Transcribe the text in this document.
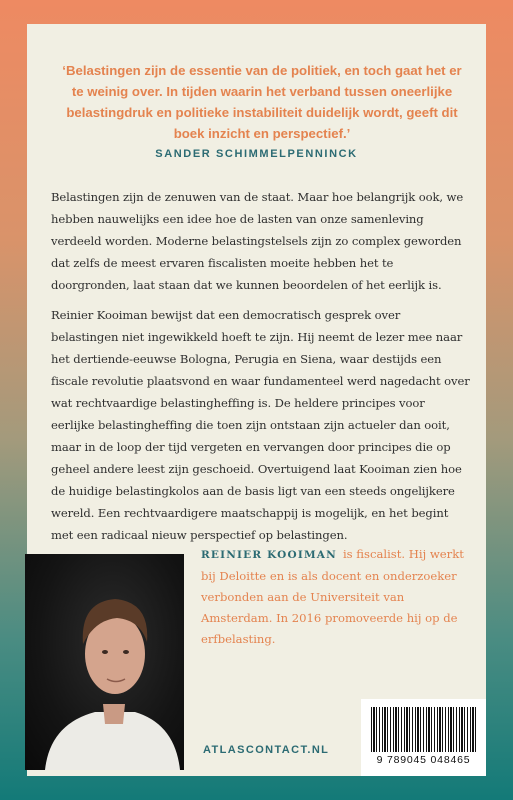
‘Belastingen zijn de essentie van de politiek, en toch gaat het er te weinig over. In tijden waarin het verband tussen oneerlijke belastingdruk en politieke instabiliteit duidelijk wordt, geeft dit boek inzicht en perspectief.’
SANDER SCHIMMELPENNINCK
Belastingen zijn de zenuwen van de staat. Maar hoe belangrijk ook, we hebben nauwelijks een idee hoe de lasten van onze samenleving verdeeld worden. Moderne belastingstelsels zijn zo complex geworden dat zelfs de meest ervaren fiscalisten moeite hebben het te doorgronden, laat staan dat we kunnen beoordelen of het eerlijk is.
Reinier Kooiman bewijst dat een democratisch gesprek over belastingen niet ingewikkeld hoeft te zijn. Hij neemt de lezer mee naar het dertiende-eeuwse Bologna, Perugia en Siena, waar destijds een fiscale revolutie plaatsvond en waar fundamenteel werd nagedacht over wat rechtvaardige belastingheffing is. De heldere principes voor eerlijke belastingheffing die toen zijn ontstaan zijn actueler dan ooit, maar in de loop der tijd vergeten en vervangen door principes die op geheel andere leest zijn geschoeid. Overtuigend laat Kooiman zien hoe de huidige belastingkolos aan de basis ligt van een steeds ongelijkere wereld. Een rechtvaardigere maatschappij is mogelijk, en het begint met een radicaal nieuw perspectief op belastingen.
REINIER KOOIMAN is fiscalist. Hij werkt bij Deloitte en is als docent en onderzoeker verbonden aan de Universiteit van Amsterdam. In 2016 promoveerde hij op de erfbelasting.
ATLASCONTACT.NL
9 789045 048465
